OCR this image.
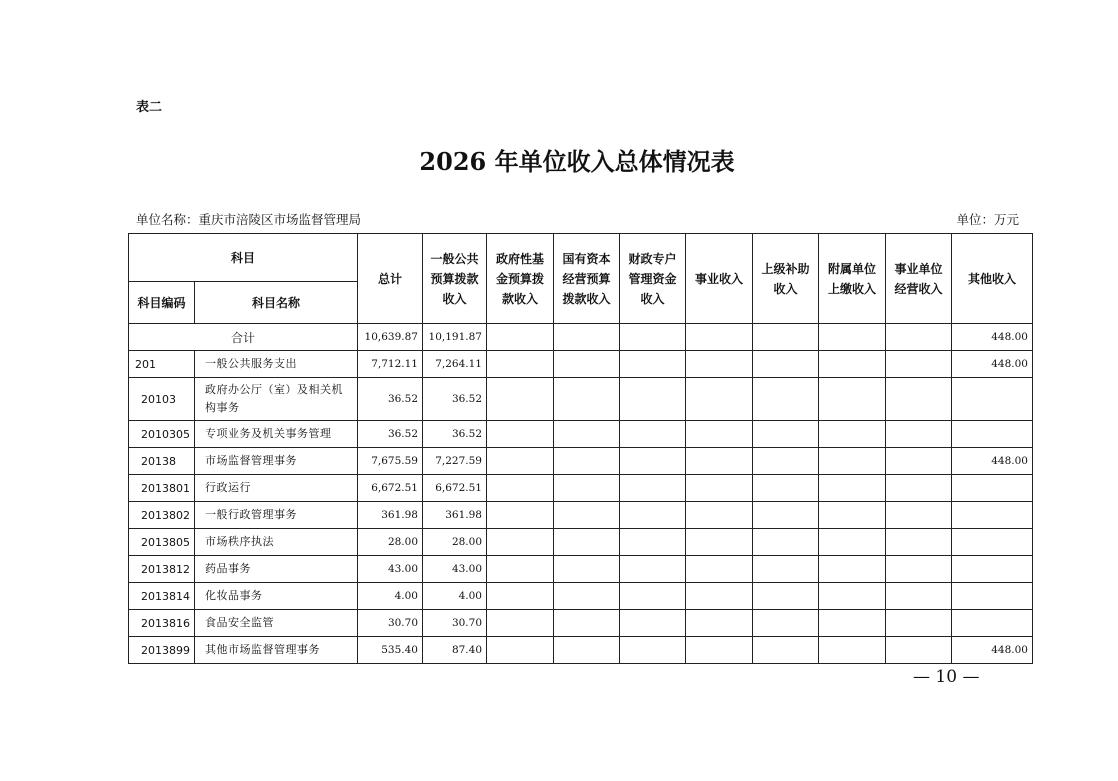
表二
2026 年单位收入总体情况表
单位名称：重庆市涪陵区市场监督管理局	单位：万元
科目		总计	一般公共预算拨款收入	政府性基金预算拨款收入	国有资本经营预算拨款收入	财政专户管理资金收入	事业收入	上级补助收入	附属单位上缴收入	事业单位经营收入	其他收入
科目编码	科目名称										
合计		10,639.87	10,191.87								448.00
201	一般公共服务支出	7,712.11	7,264.11								448.00
20103	政府办公厅（室）及相关机构事务	36.52	36.52								
2010305	专项业务及机关事务管理	36.52	36.52								
20138	市场监督管理事务	7,675.59	7,227.59								448.00
2013801	行政运行	6,672.51	6,672.51								
2013802	一般行政管理事务	361.98	361.98								
2013805	市场秩序执法	28.00	28.00								
2013812	药品事务	43.00	43.00								
2013814	化妆品事务	4.00	4.00								
2013816	食品安全监管	30.70	30.70								
2013899	其他市场监督管理事务	535.40	87.40								448.00
— 10 —
